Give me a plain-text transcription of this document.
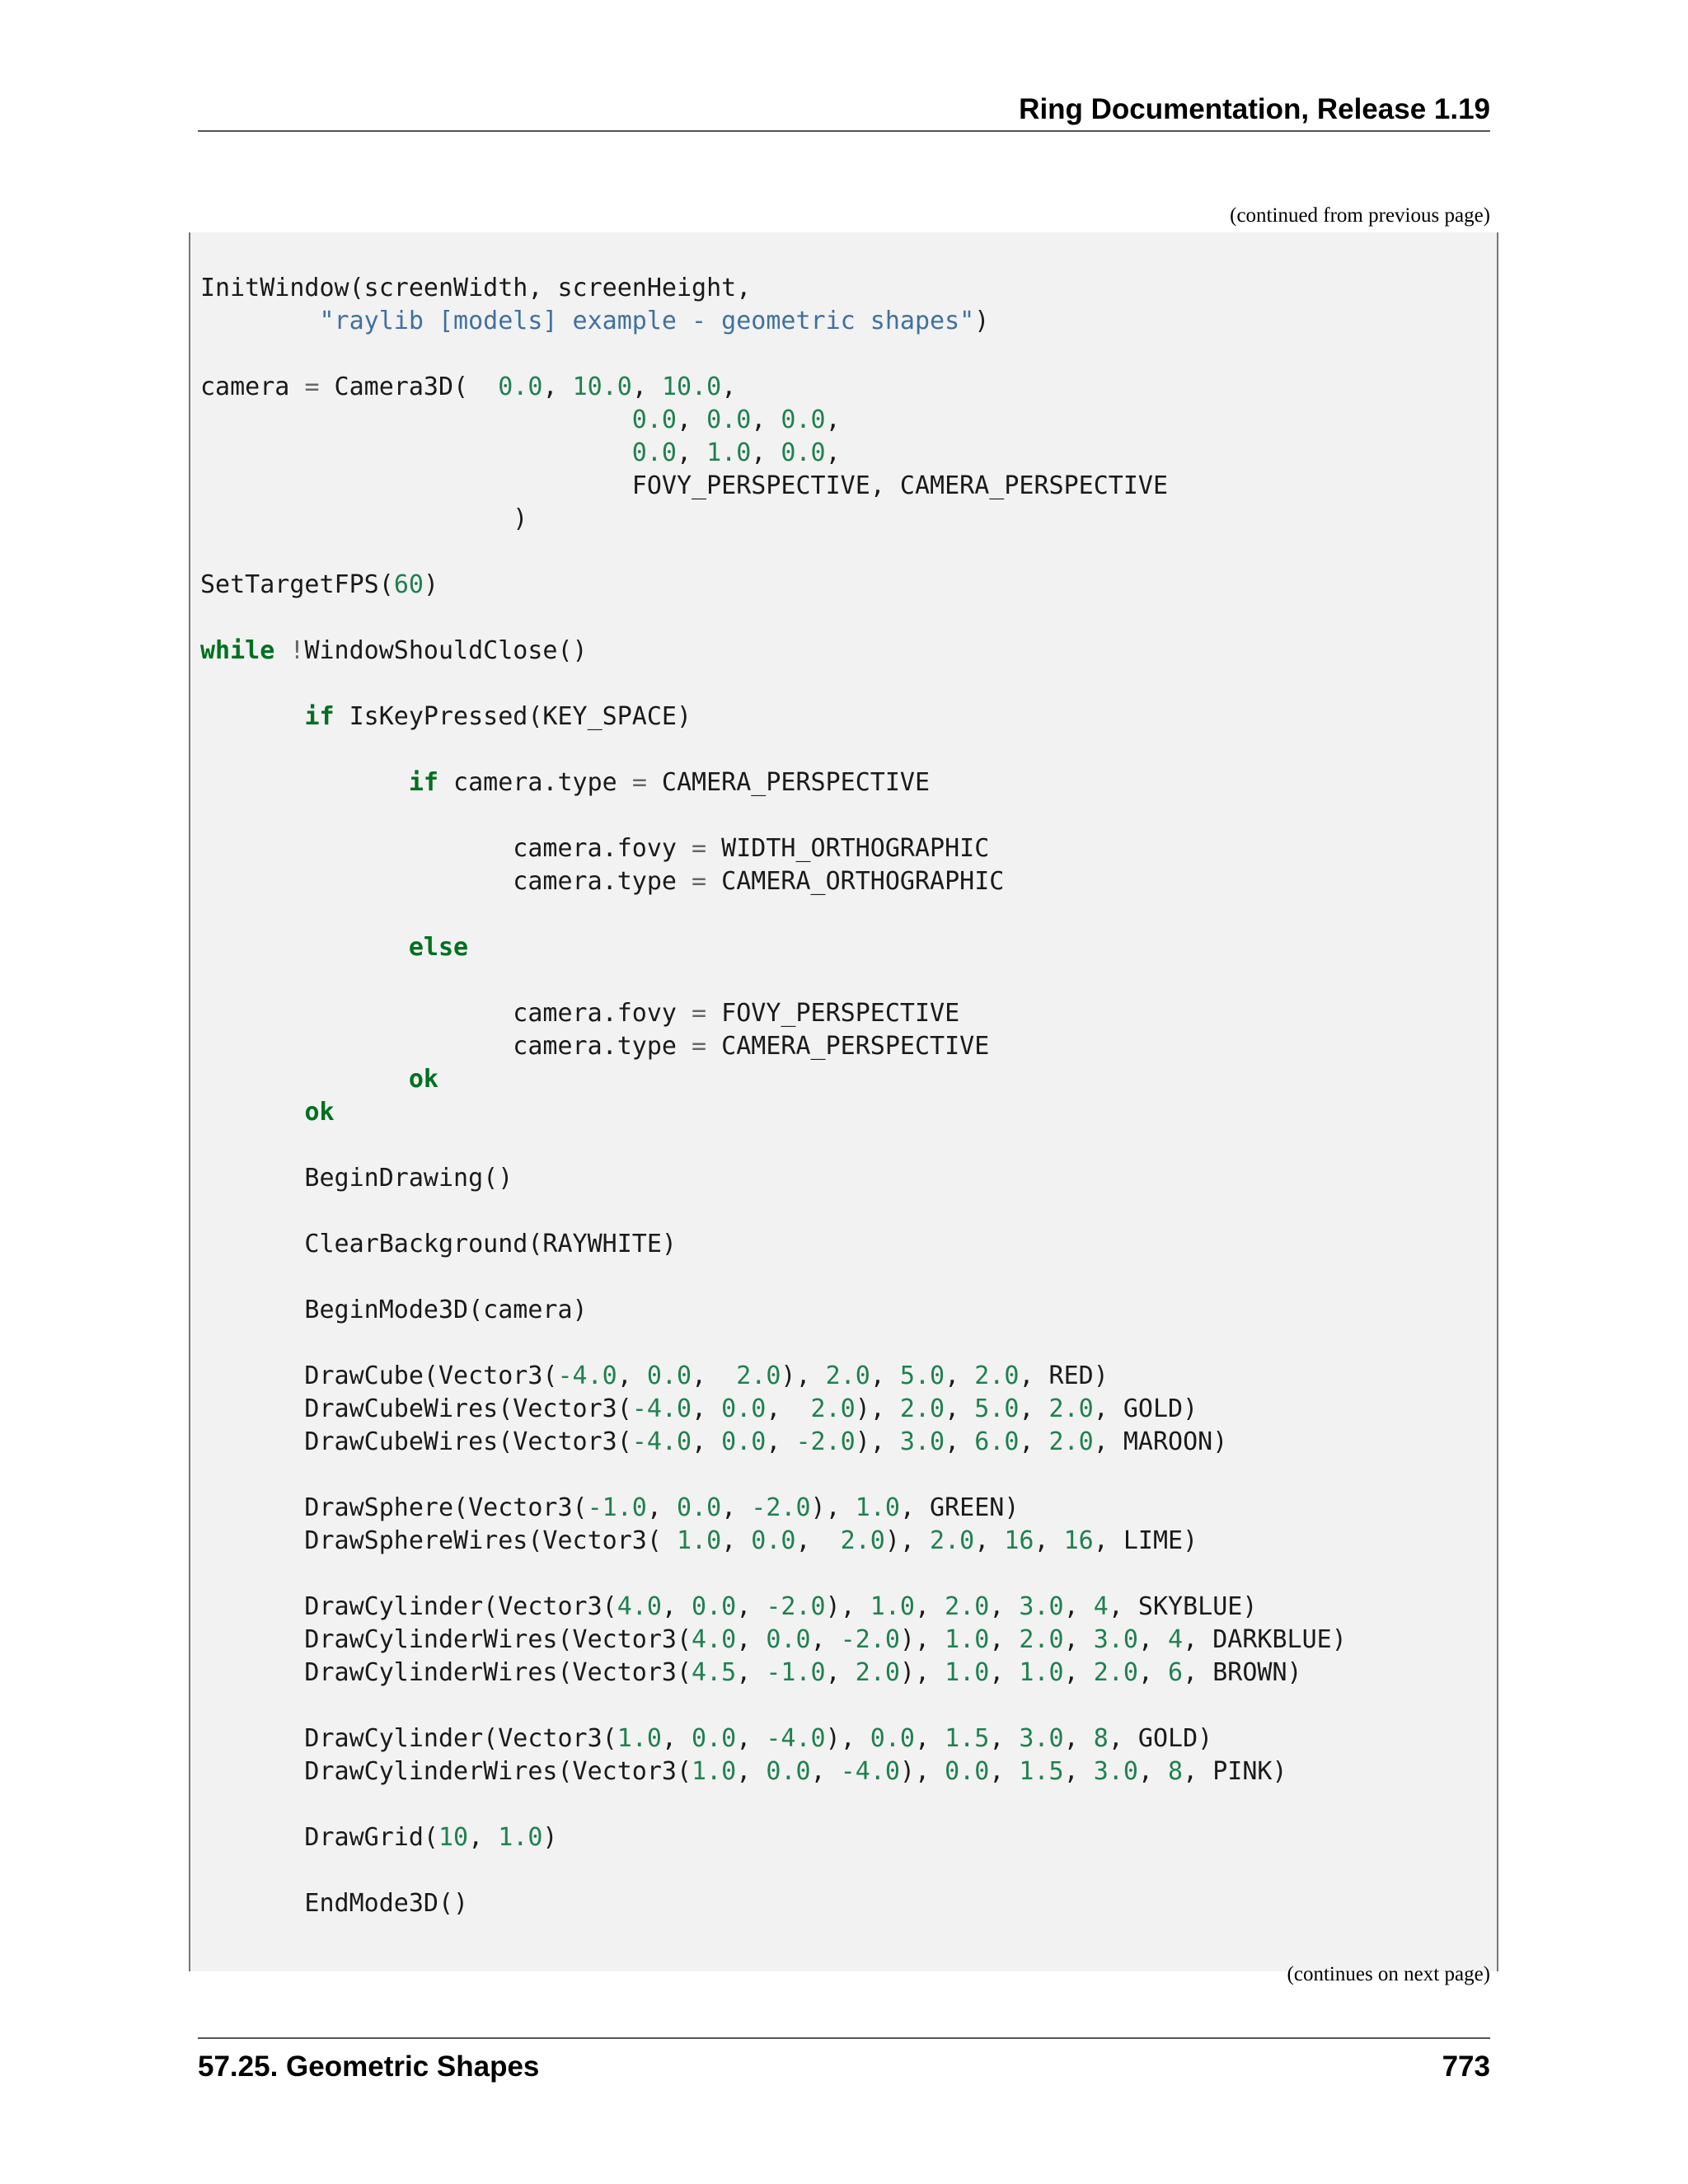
Ring Documentation, Release 1.19
(continued from previous page)
InitWindow(screenWidth, screenHeight,
"raylib [models] example - geometric shapes")
camera = Camera3D(  0.0, 10.0, 10.0,
0.0, 0.0, 0.0,
0.0, 1.0, 0.0,
FOVY_PERSPECTIVE, CAMERA_PERSPECTIVE
)
SetTargetFPS(60)
while !WindowShouldClose()
if IsKeyPressed(KEY_SPACE)
if camera.type = CAMERA_PERSPECTIVE
camera.fovy = WIDTH_ORTHOGRAPHIC
camera.type = CAMERA_ORTHOGRAPHIC
else
camera.fovy = FOVY_PERSPECTIVE
camera.type = CAMERA_PERSPECTIVE
ok
ok
BeginDrawing()
ClearBackground(RAYWHITE)
BeginMode3D(camera)
DrawCube(Vector3(-4.0, 0.0,  2.0), 2.0, 5.0, 2.0, RED)
DrawCubeWires(Vector3(-4.0, 0.0,  2.0), 2.0, 5.0, 2.0, GOLD)
DrawCubeWires(Vector3(-4.0, 0.0, -2.0), 3.0, 6.0, 2.0, MAROON)
DrawSphere(Vector3(-1.0, 0.0, -2.0), 1.0, GREEN)
DrawSphereWires(Vector3( 1.0, 0.0,  2.0), 2.0, 16, 16, LIME)
DrawCylinder(Vector3(4.0, 0.0, -2.0), 1.0, 2.0, 3.0, 4, SKYBLUE)
DrawCylinderWires(Vector3(4.0, 0.0, -2.0), 1.0, 2.0, 3.0, 4, DARKBLUE)
DrawCylinderWires(Vector3(4.5, -1.0, 2.0), 1.0, 1.0, 2.0, 6, BROWN)
DrawCylinder(Vector3(1.0, 0.0, -4.0), 0.0, 1.5, 3.0, 8, GOLD)
DrawCylinderWires(Vector3(1.0, 0.0, -4.0), 0.0, 1.5, 3.0, 8, PINK)
DrawGrid(10, 1.0)
EndMode3D()
(continues on next page)
57.25. Geometric Shapes	773
